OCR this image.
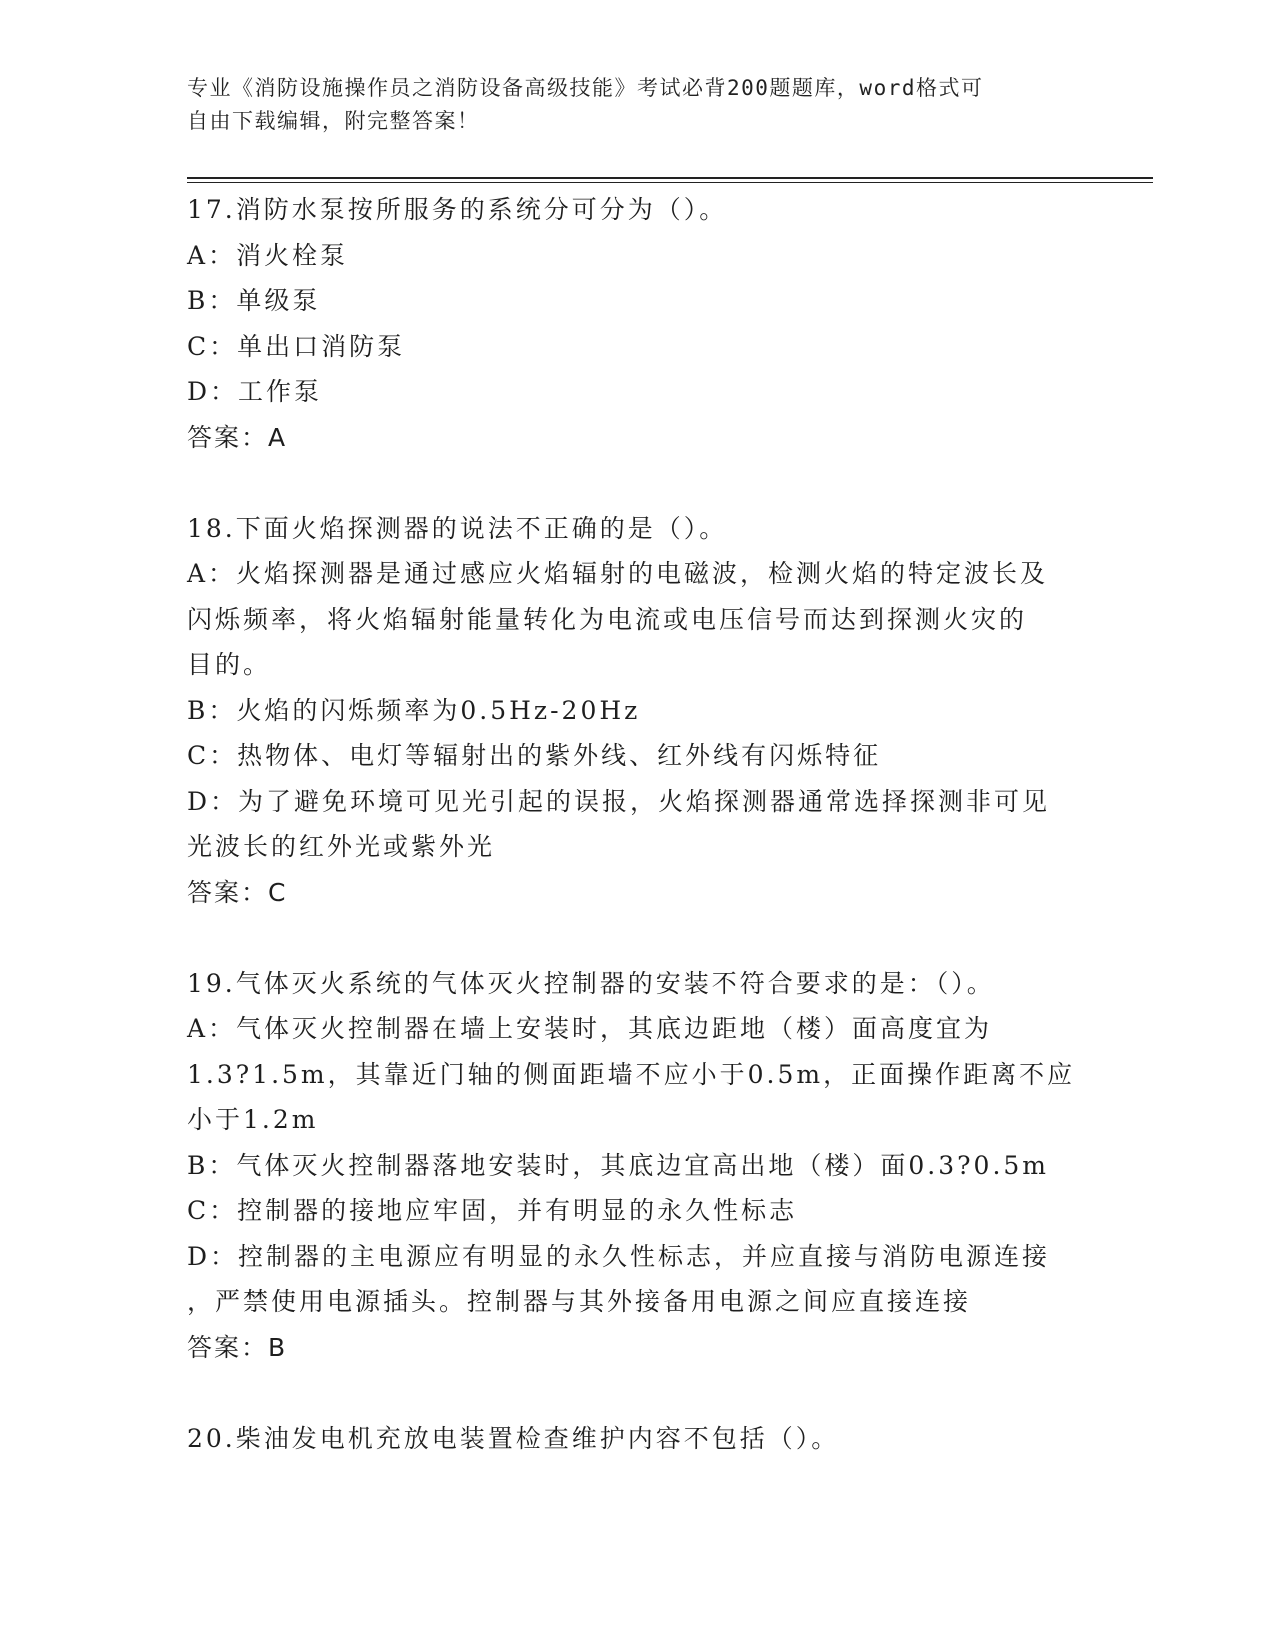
专业《消防设施操作员之消防设备高级技能》考试必背200题题库，word格式可
自由下载编辑，附完整答案！
17.消防水泵按所服务的系统分可分为（）。
A：消火栓泵
B：单级泵
C：单出口消防泵
D：工作泵
答案：A
18.下面火焰探测器的说法不正确的是（）。
A：火焰探测器是通过感应火焰辐射的电磁波，检测火焰的特定波长及
闪烁频率，将火焰辐射能量转化为电流或电压信号而达到探测火灾的
目的。
B：火焰的闪烁频率为0.5Hz-20Hz
C：热物体、电灯等辐射出的紫外线、红外线有闪烁特征
D：为了避免环境可见光引起的误报，火焰探测器通常选择探测非可见
光波长的红外光或紫外光
答案：C
19.气体灭火系统的气体灭火控制器的安装不符合要求的是：（）。
A：气体灭火控制器在墙上安装时，其底边距地（楼）面高度宜为
1.3?1.5m，其靠近门轴的侧面距墙不应小于0.5m，正面操作距离不应
小于1.2m
B：气体灭火控制器落地安装时，其底边宜高出地（楼）面0.3?0.5m
C：控制器的接地应牢固，并有明显的永久性标志
D：控制器的主电源应有明显的永久性标志，并应直接与消防电源连接
，严禁使用电源插头。控制器与其外接备用电源之间应直接连接
答案：B
20.柴油发电机充放电装置检查维护内容不包括（）。
